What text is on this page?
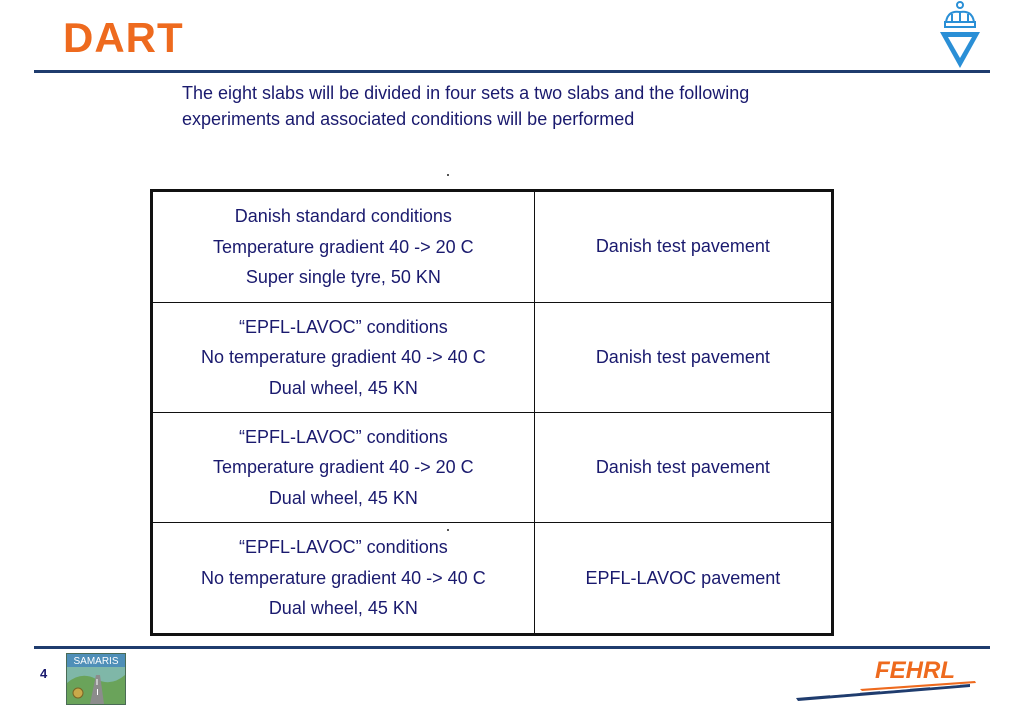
DART
The eight slabs will be divided in four sets a two slabs and the following experiments and associated conditions will be performed
Danish standard conditions
Temperature gradient 40 -> 20 C
Super single tyre, 50 KN	Danish test pavement

“EPFL-LAVOC” conditions
No temperature gradient 40 -> 40 C
Dual wheel, 45 KN	Danish test pavement

“EPFL-LAVOC” conditions
Temperature gradient 40 -> 20 C
Dual wheel, 45 KN	Danish test pavement

“EPFL-LAVOC” conditions
No temperature gradient 40 -> 40 C
Dual wheel, 45 KN	EPFL-LAVOC pavement
4
SAMARIS	FEHRL
